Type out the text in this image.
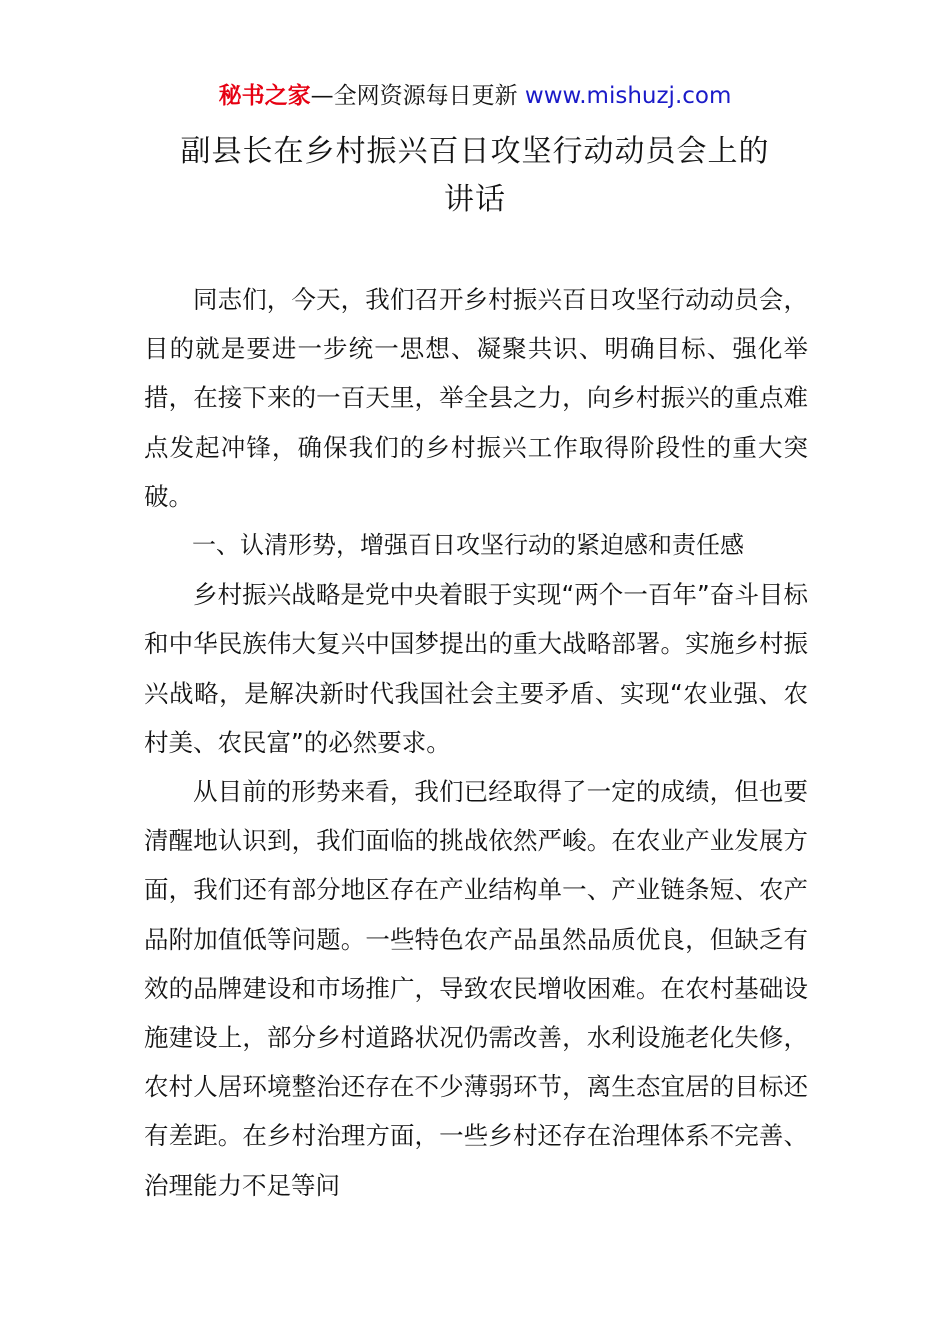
秘书之家—全网资源每日更新 www.mishuzj.com
副县长在乡村振兴百日攻坚行动动员会上的
讲话

同志们，今天，我们召开乡村振兴百日攻坚行动动员会，目的就是要进一步统一思想、凝聚共识、明确目标、强化举措，在接下来的一百天里，举全县之力，向乡村振兴的重点难点发起冲锋，确保我们的乡村振兴工作取得阶段性的重大突破。

一、认清形势，增强百日攻坚行动的紧迫感和责任感

乡村振兴战略是党中央着眼于实现“两个一百年”奋斗目标和中华民族伟大复兴中国梦提出的重大战略部署。实施乡村振兴战略，是解决新时代我国社会主要矛盾、实现“农业强、农村美、农民富”的必然要求。

从目前的形势来看，我们已经取得了一定的成绩，但也要清醒地认识到，我们面临的挑战依然严峻。在农业产业发展方面，我们还有部分地区存在产业结构单一、产业链条短、农产品附加值低等问题。一些特色农产品虽然品质优良，但缺乏有效的品牌建设和市场推广，导致农民增收困难。在农村基础设施建设上，部分乡村道路状况仍需改善，水利设施老化失修，农村人居环境整治还存在不少薄弱环节，离生态宜居的目标还有差距。在乡村治理方面，一些乡村还存在治理体系不完善、治理能力不足等问
